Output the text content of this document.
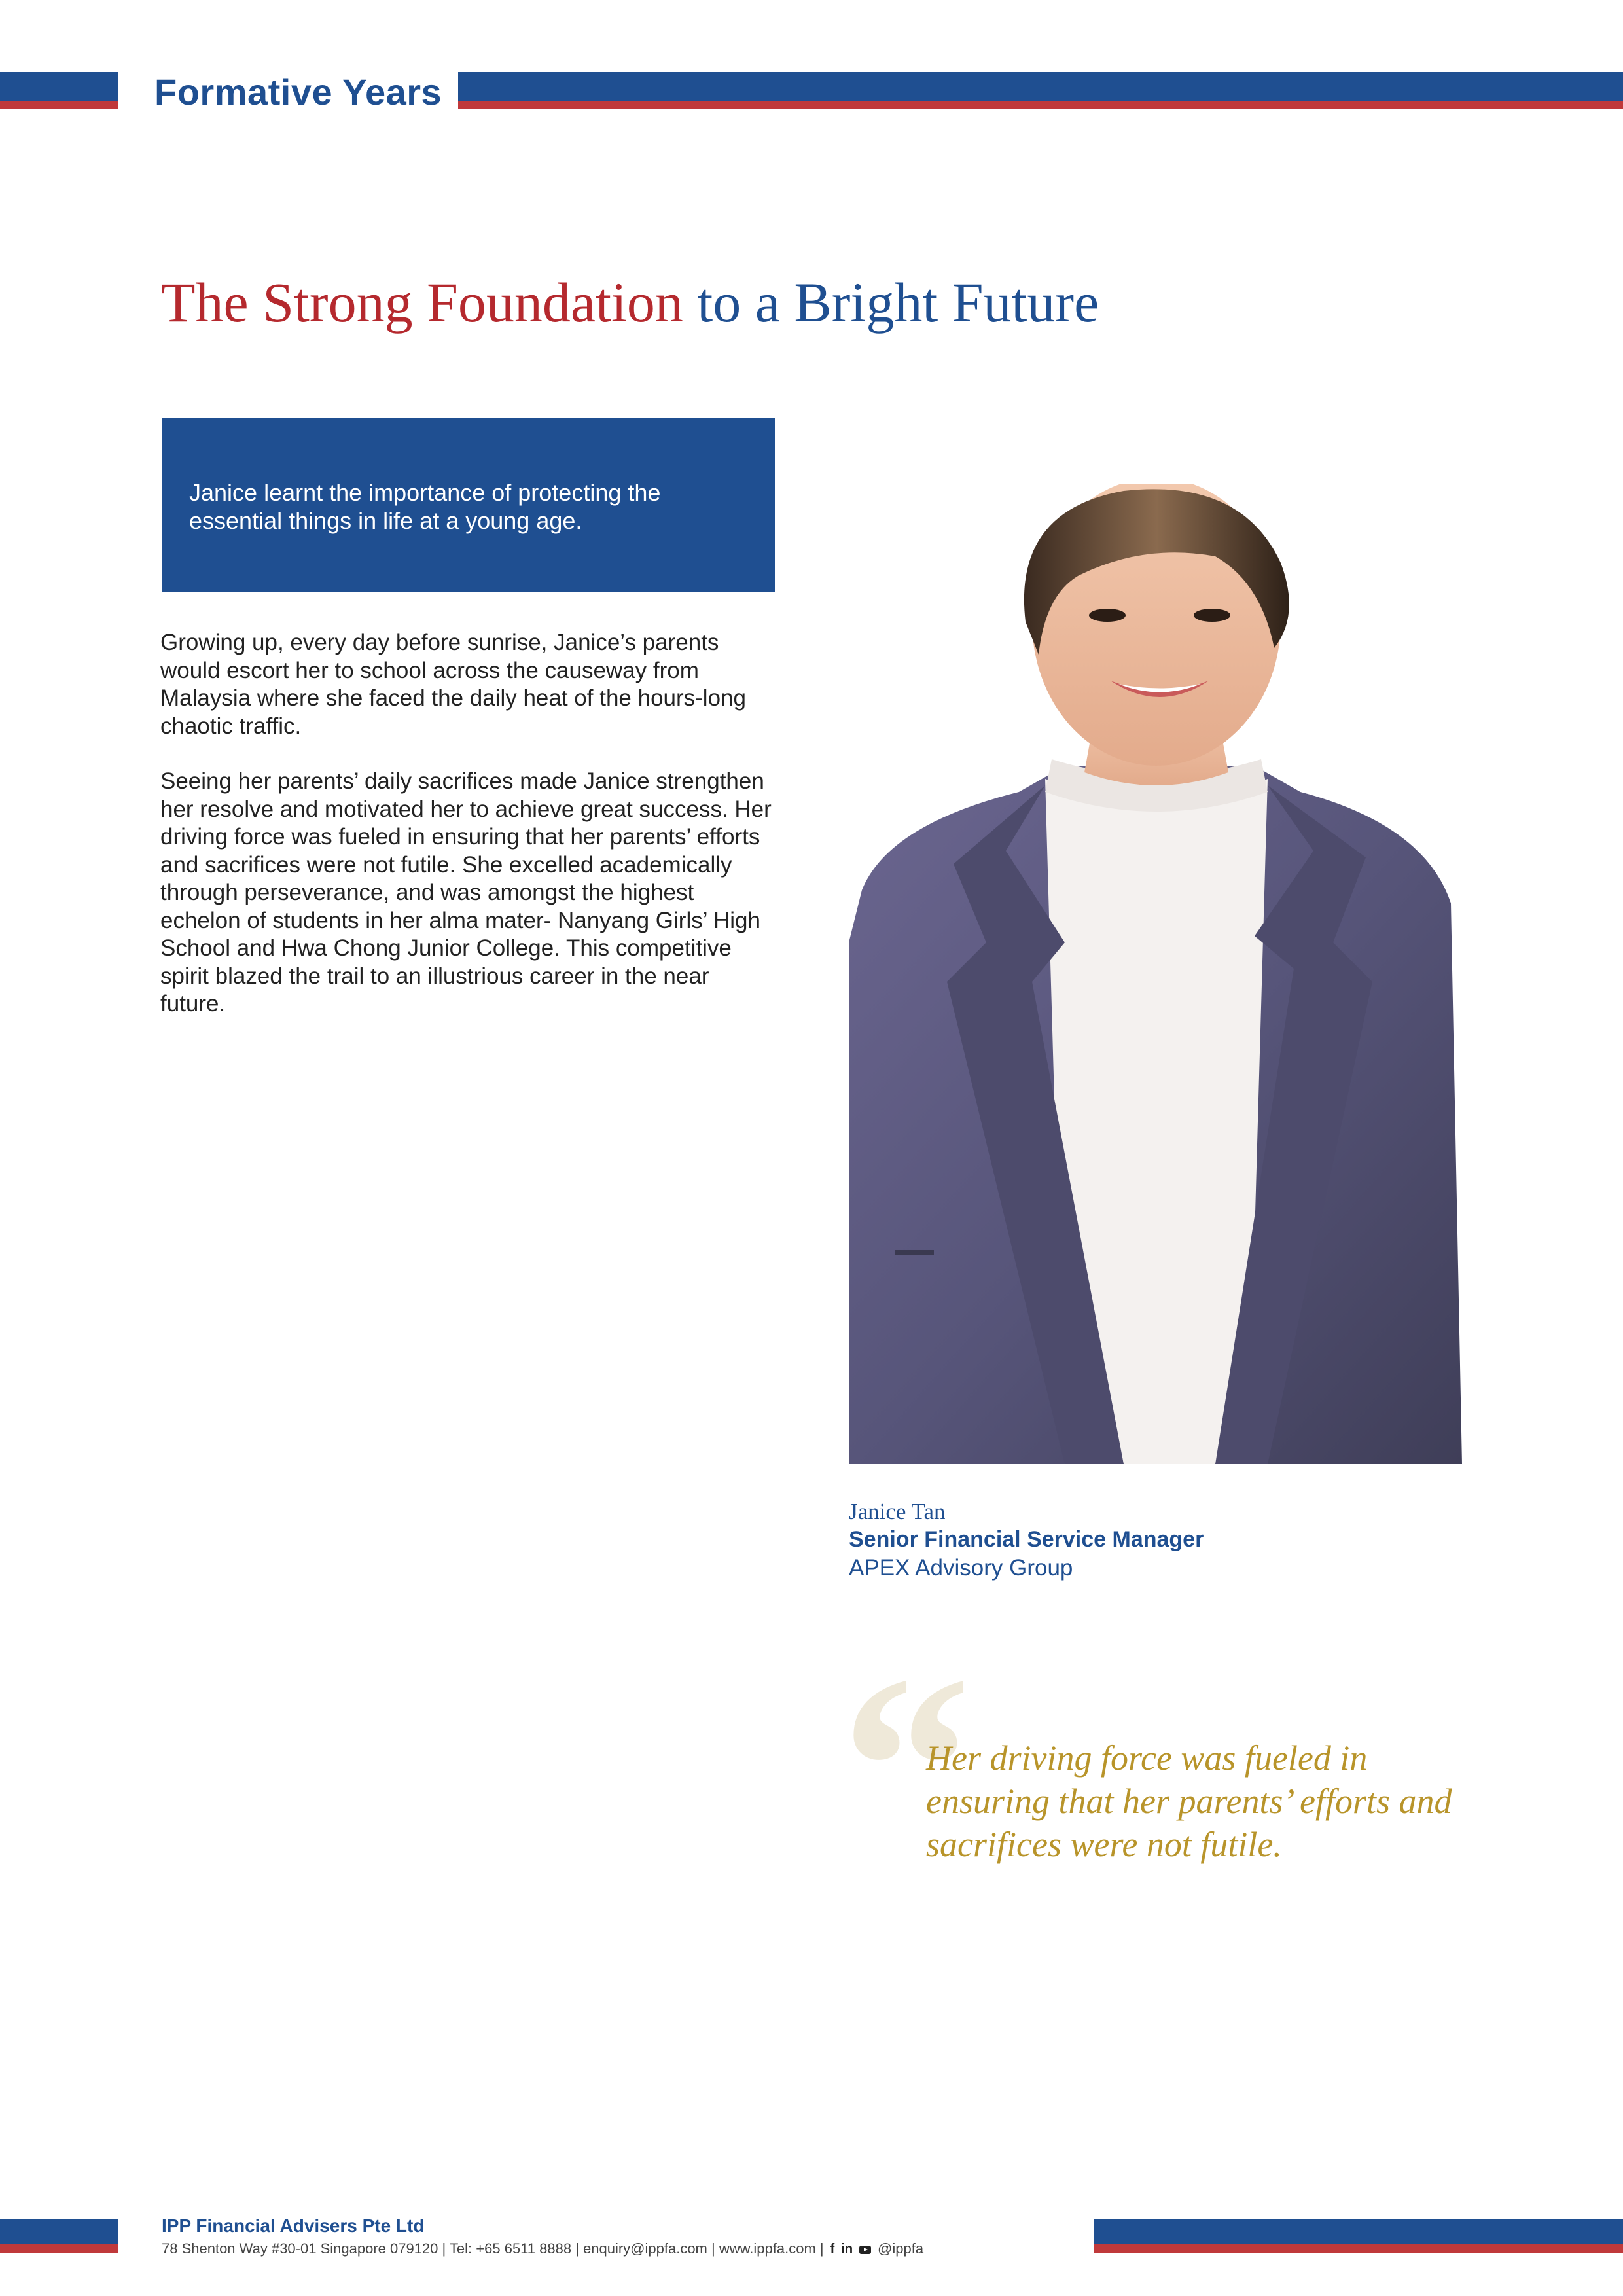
Formative Years
The Strong Foundation to a Bright Future

Janice learnt the importance of protecting the essential things in life at a young age.

Growing up, every day before sunrise, Janice’s parents would escort her to school across the causeway from Malaysia where she faced the daily heat of the hours-long chaotic traffic.

Seeing her parents’ daily sacrifices made Janice strengthen her resolve and motivated her to achieve great success. Her driving force was fueled in ensuring that her parents’ efforts and sacrifices were not futile. She excelled academically through perseverance, and was amongst the highest echelon of students in her alma mater- Nanyang Girls’ High School and Hwa Chong Junior College. This competitive spirit blazed the trail to an illustrious career in the near future.

Janice Tan
Senior Financial Service Manager
APEX Advisory Group
“

Her driving force was fueled in ensuring that her parents’ efforts and sacrifices were not futile.

IPP Financial Advisers Pte Ltd
78 Shenton Way #30-01 Singapore 079120 | Tel: +65 6511 8888 | enquiry@ippfa.com | www.ippfa.com | f in @ippfa
